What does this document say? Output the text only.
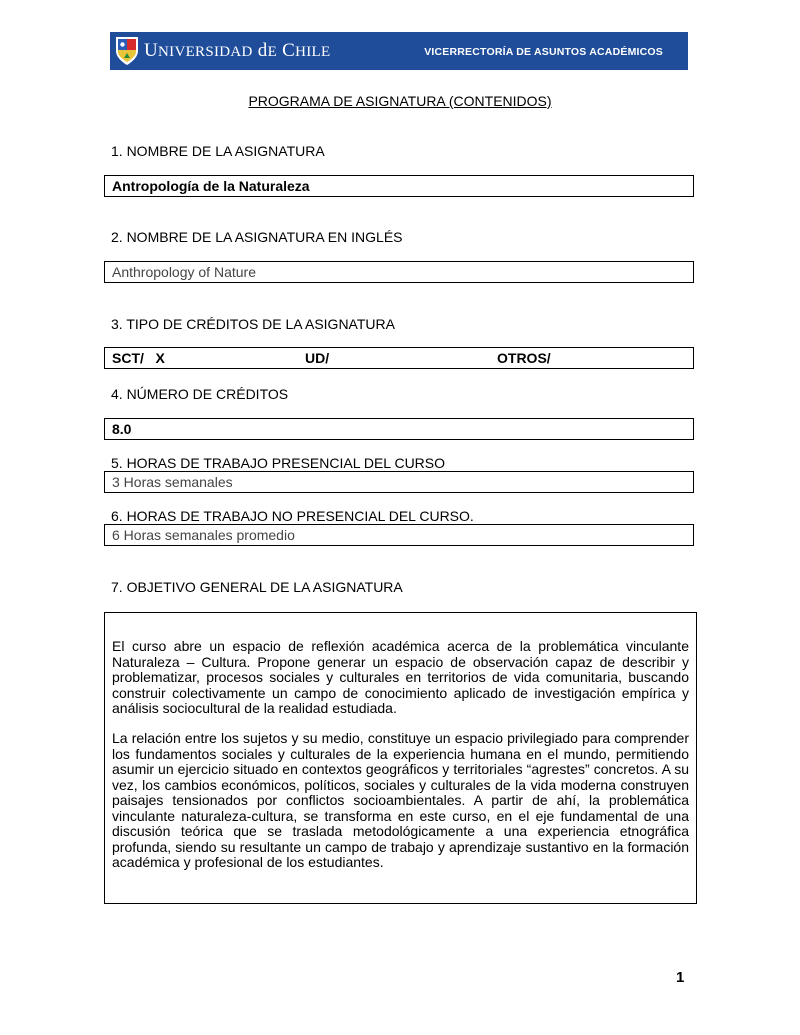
UNIVERSIDAD dE CHILE	VICERRECTORÍA DE ASUNTOS ACADÉMICOS
PROGRAMA DE ASIGNATURA (CONTENIDOS)
1. NOMBRE DE LA ASIGNATURA
Antropología de la Naturaleza
2. NOMBRE DE LA ASIGNATURA EN INGLÉS
Anthropology of Nature
3. TIPO DE CRÉDITOS DE LA ASIGNATURA
SCT/   X	UD/	OTROS/
4. NÚMERO DE CRÉDITOS
8.0
5. HORAS DE TRABAJO PRESENCIAL DEL CURSO
3 Horas semanales
6. HORAS DE TRABAJO NO PRESENCIAL DEL CURSO.
6 Horas semanales promedio
7. OBJETIVO GENERAL DE LA ASIGNATURA

El curso abre un espacio de reflexión académica acerca de la problemática vinculante Naturaleza – Cultura. Propone generar un espacio de observación capaz de describir y problematizar, procesos sociales y culturales en territorios de vida comunitaria, buscando construir colectivamente un campo de conocimiento aplicado de investigación empírica y análisis sociocultural de la realidad estudiada.

La relación entre los sujetos y su medio, constituye un espacio privilegiado para comprender los fundamentos sociales y culturales de la experiencia humana en el mundo, permitiendo asumir un ejercicio situado en contextos geográficos y territoriales “agrestes” concretos. A su vez, los cambios económicos, políticos, sociales y culturales de la vida moderna construyen paisajes tensionados por conflictos socioambientales. A partir de ahí, la problemática vinculante naturaleza-cultura, se transforma en este curso, en el eje fundamental de una discusión teórica que se traslada metodológicamente a una experiencia etnográfica profunda, siendo su resultante un campo de trabajo y aprendizaje sustantivo en la formación académica y profesional de los estudiantes.

1
